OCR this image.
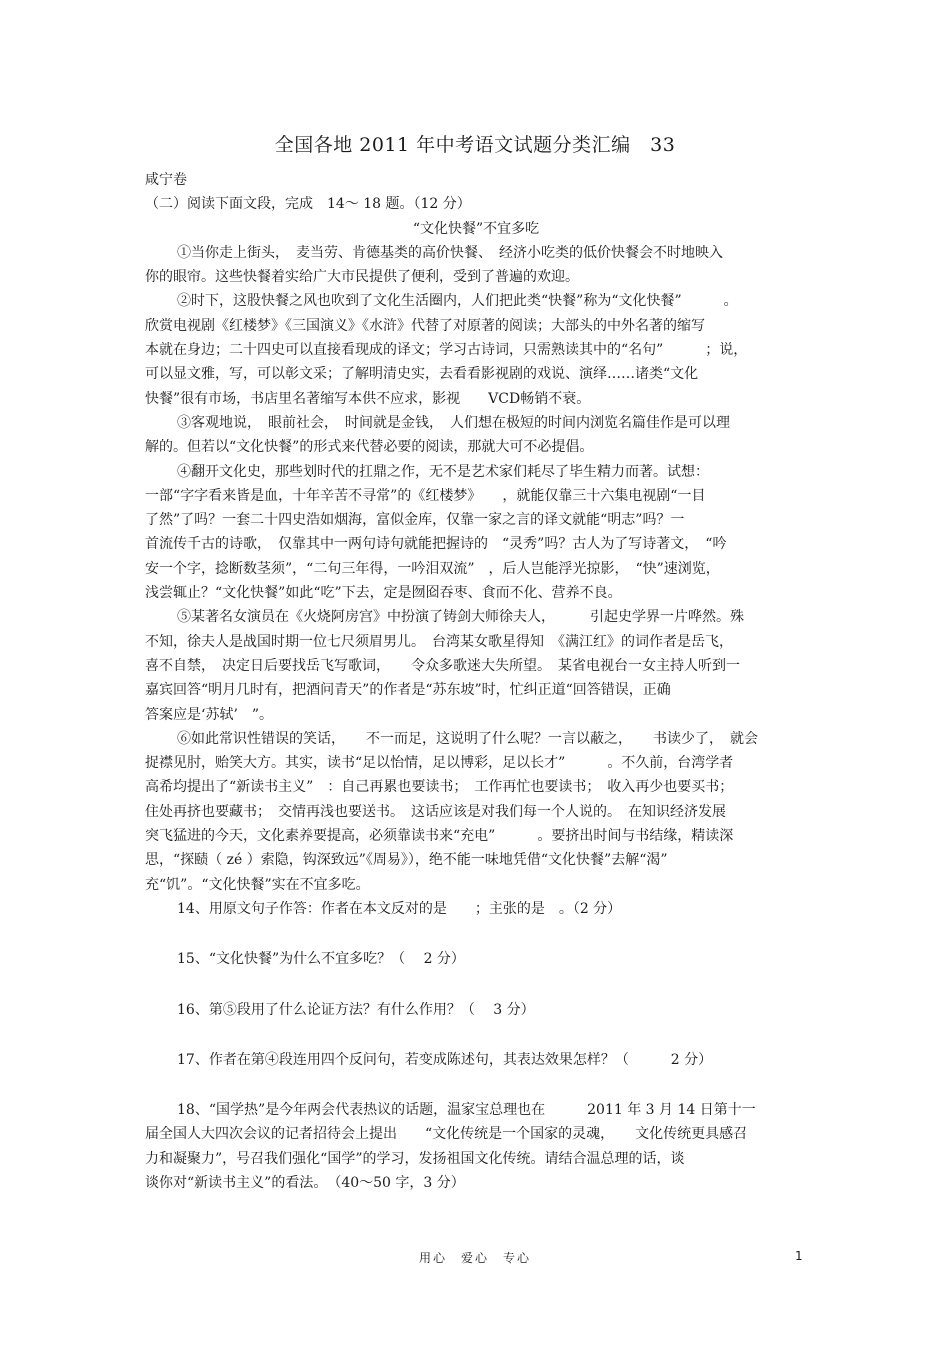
全国各地 2011 年中考语文试题分类汇编　33

咸宁卷

（二）阅读下面文段，完成　14～ 18 题。（12 分）

“文化快餐”不宜多吃

①当你走上街头，　麦当劳、肯德基类的高价快餐、　经济小吃类的低价快餐会不时地映入

你的眼帘。这些快餐着实给广大市民提供了便利，受到了普遍的欢迎。

②时下，这股快餐之风也吹到了文化生活圈内，人们把此类“快餐”称为“文化快餐”　　　。

欣赏电视剧《红楼梦》《三国演义》《水浒》代替了对原著的阅读；大部头的中外名著的缩写

本就在身边；二十四史可以直接看现成的译文；学习古诗词，只需熟读其中的“名句”　　　；说，

可以显文雅，写，可以彰文采；了解明清史实，去看看影视剧的戏说、演绎……诸类“文化

快餐”很有市场，书店里名著缩写本供不应求，影视　　VCD畅销不衰。

③客观地说，　眼前社会，　时间就是金钱，　人们想在极短的时间内浏览名篇佳作是可以理

解的。但若以“文化快餐”的形式来代替必要的阅读，那就大可不必提倡。

④翻开文化史，那些划时代的扛鼎之作，无不是艺术家们耗尽了毕生精力而著。试想：

一部“字字看来皆是血，十年辛苦不寻常”的《红楼梦》　　，就能仅靠三十六集电视剧“一目

了然”了吗？一套二十四史浩如烟海，富似金库，仅靠一家之言的译文就能“明志”吗？一

首流传千古的诗歌，　仅靠其中一两句诗句就能把握诗的　“灵秀”吗？古人为了写诗著文，　“吟

安一个字，捻断数茎须”，“二句三年得，一吟泪双流”　，后人岂能浮光掠影，　“快”速浏览，

浅尝辄止？“文化快餐”如此“吃”下去，定是囫囵吞枣、食而不化、营养不良。

⑤某著名女演员在《火烧阿房宫》中扮演了铸剑大师徐夫人，　　　引起史学界一片哗然。殊

不知，徐夫人是战国时期一位七尺须眉男儿。　台湾某女歌星得知　《满江红》的词作者是岳飞，

喜不自禁，　决定日后要找岳飞写歌词，　　令众多歌迷大失所望。　某省电视台一女主持人听到一

嘉宾回答“明月几时有，把酒问青天”的作者是“苏东坡”时，忙纠正道“回答错误，正确

答案应是‘苏轼’　”。

⑥如此常识性错误的笑话，　　不一而足，这说明了什么呢？一言以蔽之，　　书读少了，　就会

捉襟见肘，贻笑大方。其实，读书“足以怡情，足以博彩，足以长才”　　　。不久前，台湾学者

高希均提出了“新读书主义”　：自己再累也要读书；　工作再忙也要读书；　收入再少也要买书；

住处再挤也要藏书；　交情再浅也要送书。　这话应该是对我们每一个人说的。　在知识经济发展

突飞猛进的今天，文化素养要提高，必须靠读书来“充电”　　　。要挤出时间与书结缘，精读深

思，“探赜（ zé ）索隐，钩深致远”《周易》），绝不能一味地凭借“文化快餐”去解“渴”

充“饥”。“文化快餐”实在不宜多吃。

14、用原文句子作答：作者在本文反对的是　　；主张的是　。（2 分）

15、“文化快餐”为什么不宜多吃？（　 2 分）

16、第⑤段用了什么论证方法？有什么作用？（　 3 分）

17、作者在第④段连用四个反问句，若变成陈述句，其表达效果怎样？（　　　2 分）

18、“国学热”是今年两会代表热议的话题，温家宝总理也在　　　2011 年 3 月 14 日第十一

届全国人大四次会议的记者招待会上提出　　“文化传统是一个国家的灵魂，　　文化传统更具感召

力和凝聚力”，号召我们强化“国学”的学习，发扬祖国文化传统。请结合温总理的话，谈

谈你对“新读书主义”的看法。　（40～50 字，3 分）

用心　爱心　专心	1
